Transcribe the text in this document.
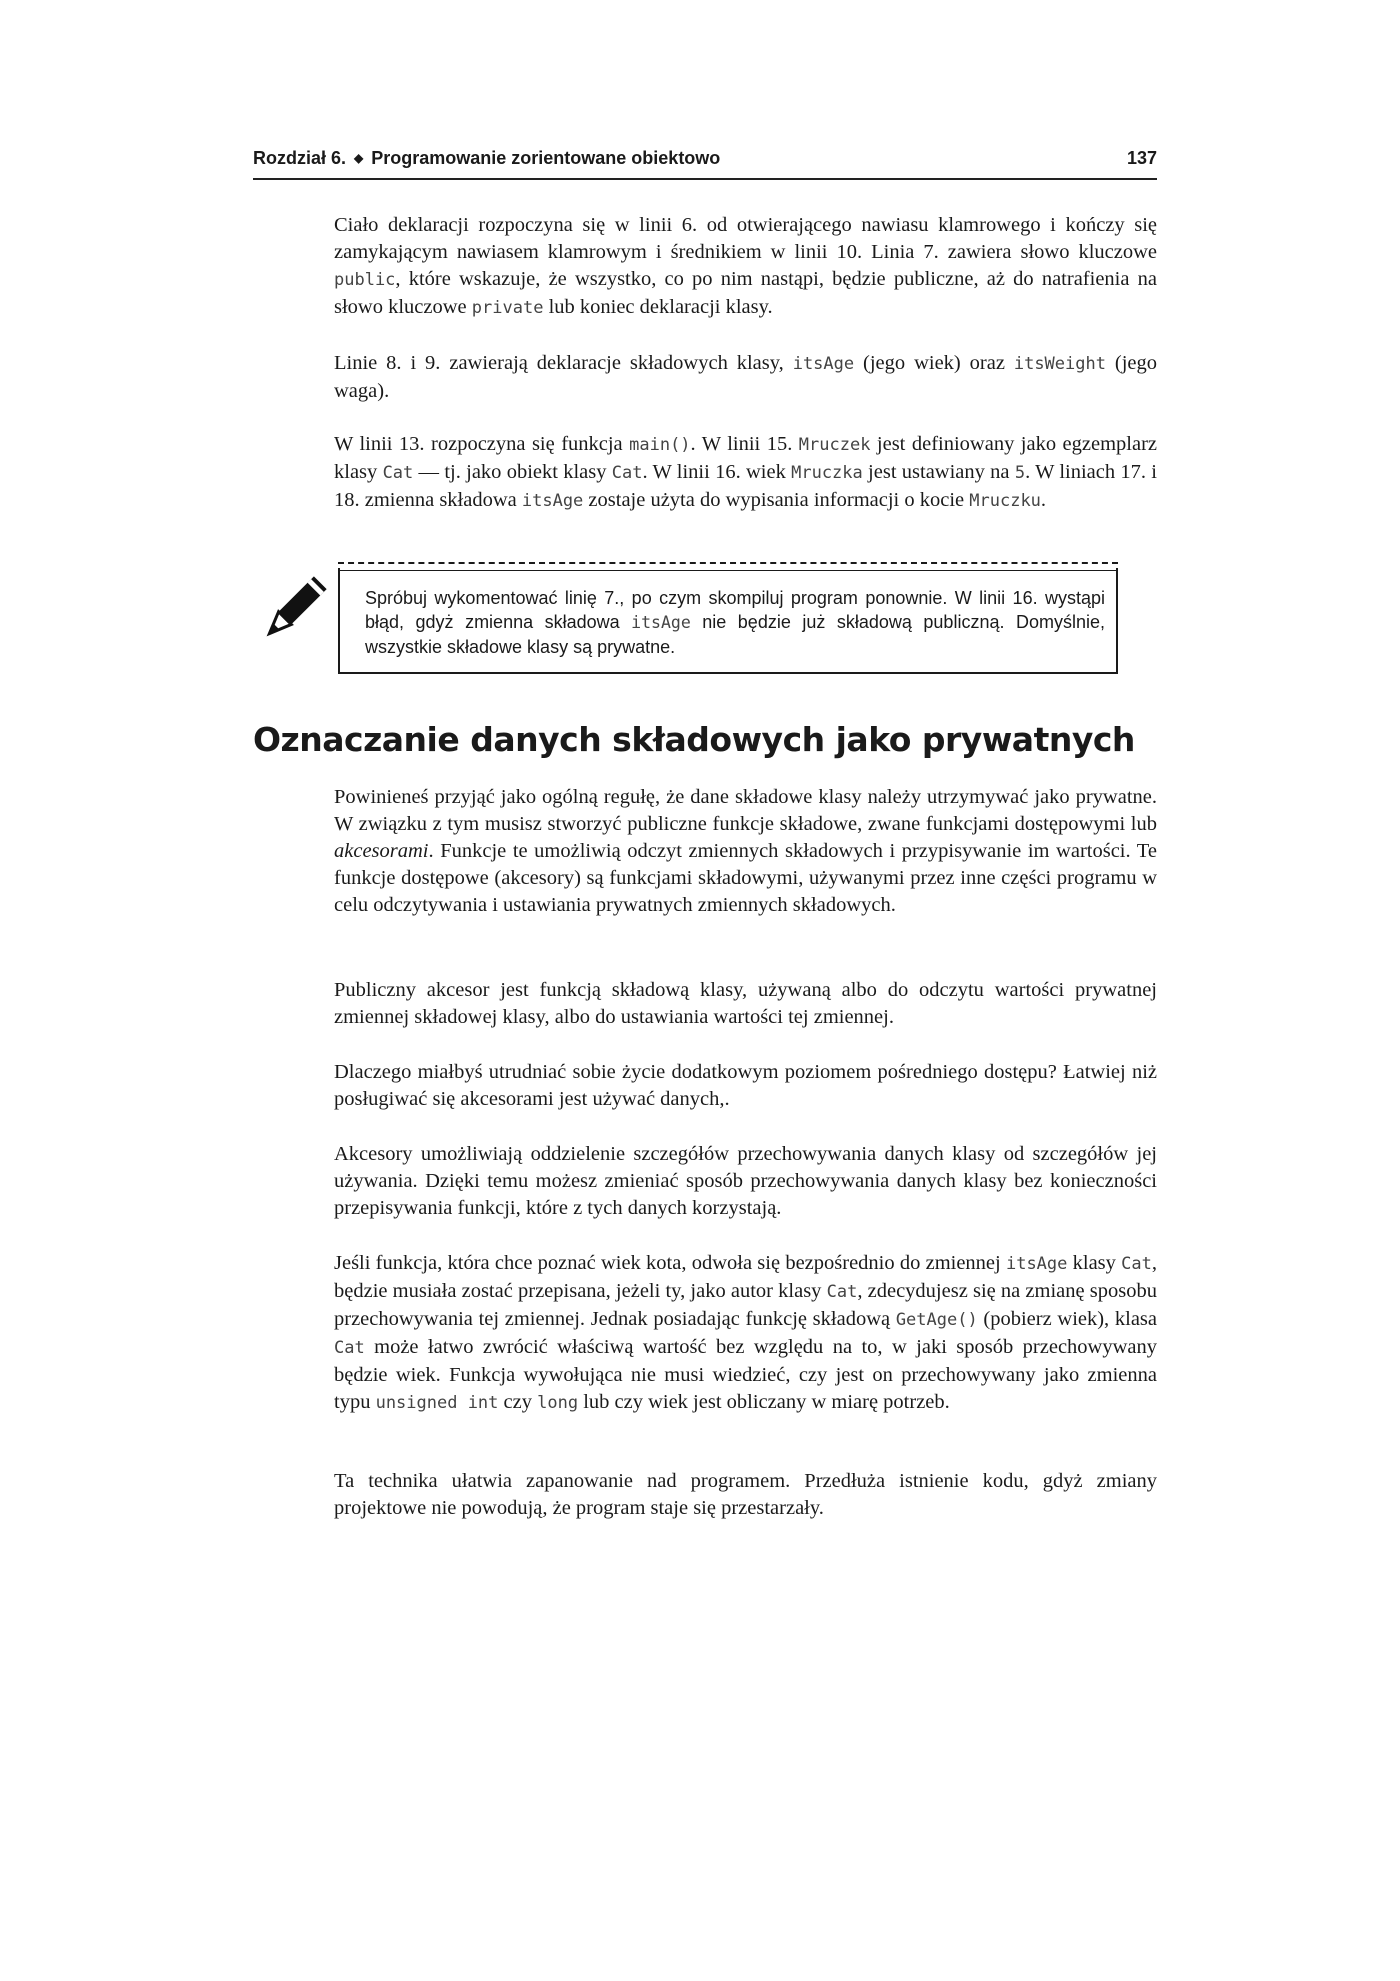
Rozdział 6. ◆ Programowanie zorientowane obiektowo	137

Ciało deklaracji rozpoczyna się w linii 6. od otwierającego nawiasu klamrowego i kończy się zamykającym nawiasem klamrowym i średnikiem w linii 10. Linia 7. zawiera słowo kluczowe public, które wskazuje, że wszystko, co po nim nastąpi, będzie publiczne, aż do natrafienia na słowo kluczowe private lub koniec deklaracji klasy.

Linie 8. i 9. zawierają deklaracje składowych klasy, itsAge (jego wiek) oraz itsWeight (jego waga).

W linii 13. rozpoczyna się funkcja main(). W linii 15. Mruczek jest definiowany jako egzemplarz klasy Cat — tj. jako obiekt klasy Cat. W linii 16. wiek Mruczka jest ustawiany na 5. W liniach 17. i 18. zmienna składowa itsAge zostaje użyta do wypisania informacji o kocie Mruczku.

Spróbuj wykomentować linię 7., po czym skompiluj program ponownie. W linii 16. wystąpi błąd, gdyż zmienna składowa itsAge nie będzie już składową publiczną. Domyślnie, wszystkie składowe klasy są prywatne.

Oznaczanie danych składowych jako prywatnych

Powinieneś przyjąć jako ogólną regułę, że dane składowe klasy należy utrzymywać jako prywatne. W związku z tym musisz stworzyć publiczne funkcje składowe, zwane funkcjami dostępowymi lub akcesorami. Funkcje te umożliwią odczyt zmiennych składowych i przypisywanie im wartości. Te funkcje dostępowe (akcesory) są funkcjami składowymi, używanymi przez inne części programu w celu odczytywania i ustawiania prywatnych zmiennych składowych.

Publiczny akcesor jest funkcją składową klasy, używaną albo do odczytu wartości prywatnej zmiennej składowej klasy, albo do ustawiania wartości tej zmiennej.

Dlaczego miałbyś utrudniać sobie życie dodatkowym poziomem pośredniego dostępu? Łatwiej niż posługiwać się akcesorami jest używać danych,.

Akcesory umożliwiają oddzielenie szczegółów przechowywania danych klasy od szczegółów jej używania. Dzięki temu możesz zmieniać sposób przechowywania danych klasy bez konieczności przepisywania funkcji, które z tych danych korzystają.

Jeśli funkcja, która chce poznać wiek kota, odwoła się bezpośrednio do zmiennej itsAge klasy Cat, będzie musiała zostać przepisana, jeżeli ty, jako autor klasy Cat, zdecydujesz się na zmianę sposobu przechowywania tej zmiennej. Jednak posiadając funkcję składową GetAge() (pobierz wiek), klasa Cat może łatwo zwrócić właściwą wartość bez względu na to, w jaki sposób przechowywany będzie wiek. Funkcja wywołująca nie musi wiedzieć, czy jest on przechowywany jako zmienna typu unsigned int czy long lub czy wiek jest obliczany w miarę potrzeb.

Ta technika ułatwia zapanowanie nad programem. Przedłuża istnienie kodu, gdyż zmiany projektowe nie powodują, że program staje się przestarzały.
